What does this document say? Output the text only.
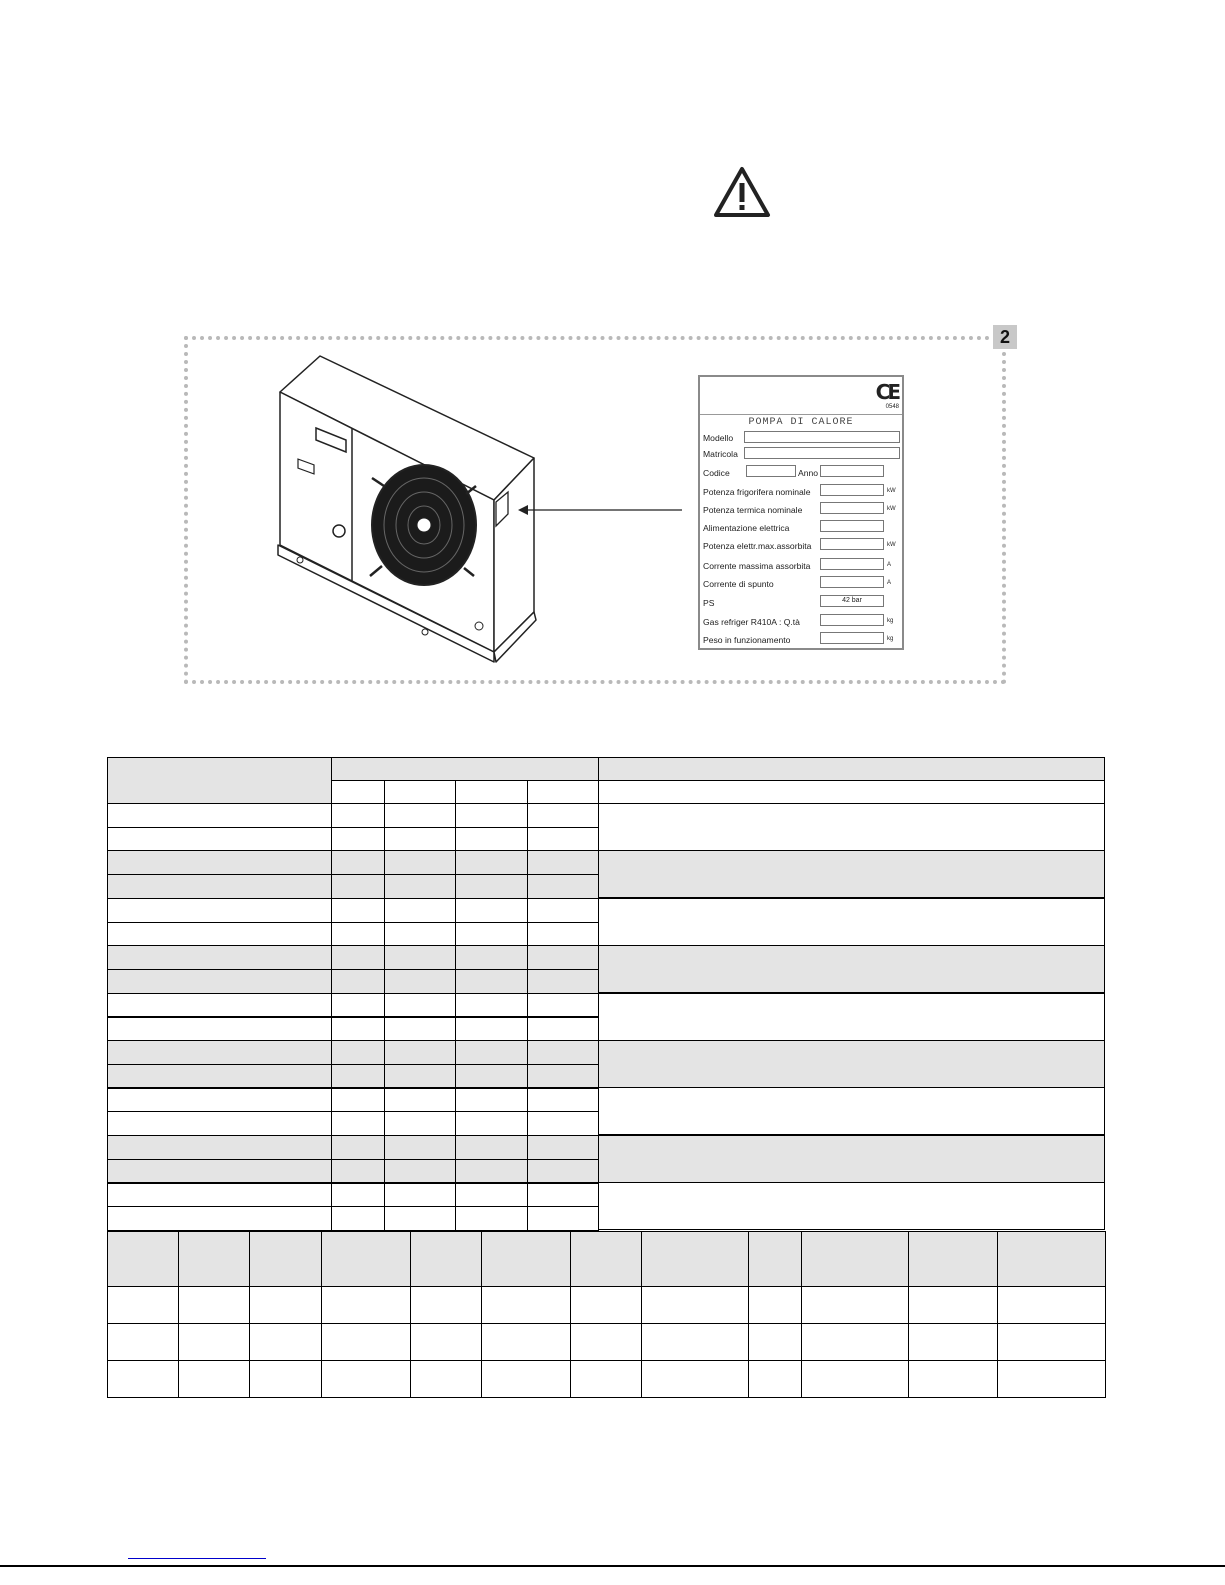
2
CE
0548
POMPA DI CALORE
Modello
Matricola
Codice	Anno
Potenza frigorifera nominale	kW
Potenza termica nominale	kW
Alimentazione elettrica
Potenza elettr.max.assorbita	kW
Corrente massima assorbita	A
Corrente di spunto	A
PS	42 bar
Gas refriger R410A : Q.tà	kg
Peso in funzionamento	kg
